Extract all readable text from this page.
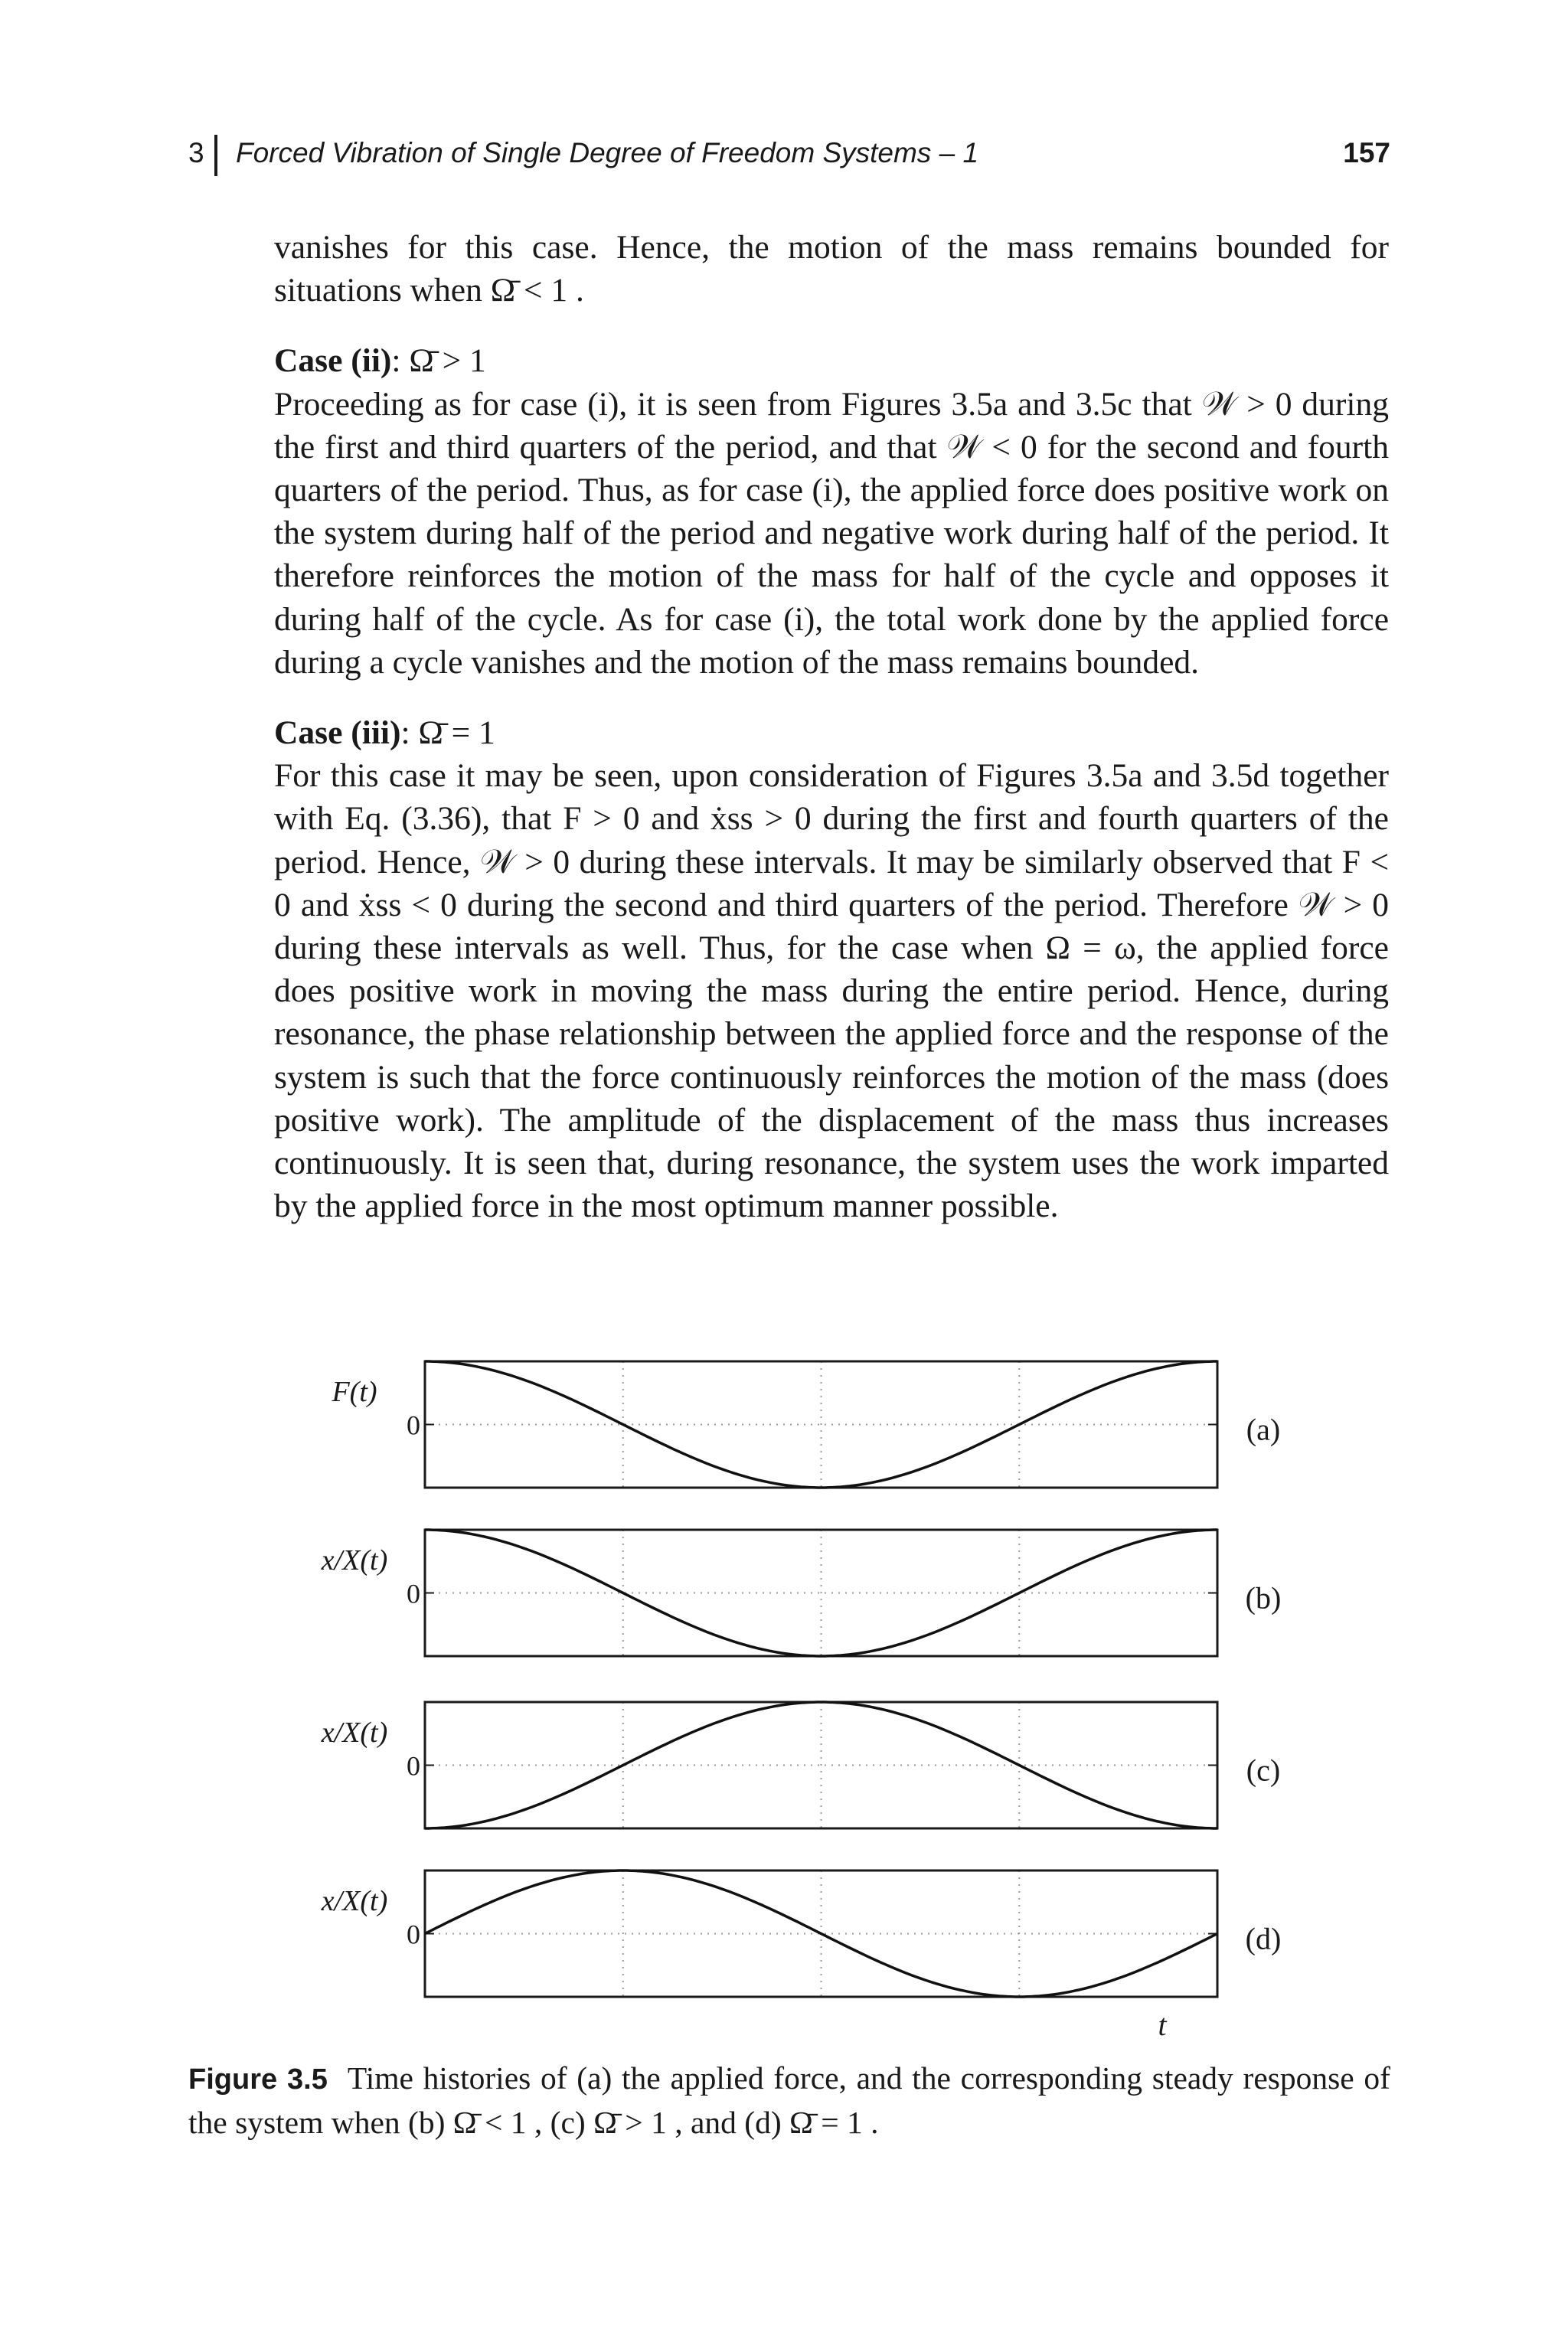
3 Forced Vibration of Single Degree of Freedom Systems – 1	157

vanishes for this case. Hence, the motion of the mass remains bounded for situations when Ω̄ < 1 .

Case (ii): Ω̄ > 1

Proceeding as for case (i), it is seen from Figures 3.5a and 3.5c that 𝒲 > 0 during the first and third quarters of the period, and that 𝒲 < 0 for the second and fourth quarters of the period. Thus, as for case (i), the applied force does positive work on the system during half of the period and negative work during half of the period. It therefore reinforces the motion of the mass for half of the cycle and opposes it during half of the cycle. As for case (i), the total work done by the applied force during a cycle vanishes and the motion of the mass remains bounded.

Case (iii): Ω̄ = 1

For this case it may be seen, upon consideration of Figures 3.5a and 3.5d together with Eq. (3.36), that F > 0 and ẋss > 0 during the first and fourth quarters of the period. Hence, 𝒲 > 0 during these intervals. It may be similarly observed that F < 0 and ẋss < 0 during the second and third quarters of the period. Therefore 𝒲 > 0 during these intervals as well. Thus, for the case when Ω = ω, the applied force does positive work in moving the mass during the entire period. Hence, during resonance, the phase relationship between the applied force and the response of the system is such that the force continuously reinforces the motion of the mass (does positive work). The amplitude of the displacement of the mass thus increases continuously. It is seen that, during resonance, the system uses the work imparted by the applied force in the most optimum manner possible.

F(t)
0	(a)
x/X(t)
0	(b)
x/X(t)
0	(c)
x/X(t)
0	(d)
t
Figure 3.5 Time histories of (a) the applied force, and the corresponding steady response of the system when (b) Ω̄ < 1 , (c) Ω̄ > 1 , and (d) Ω̄ = 1 .
